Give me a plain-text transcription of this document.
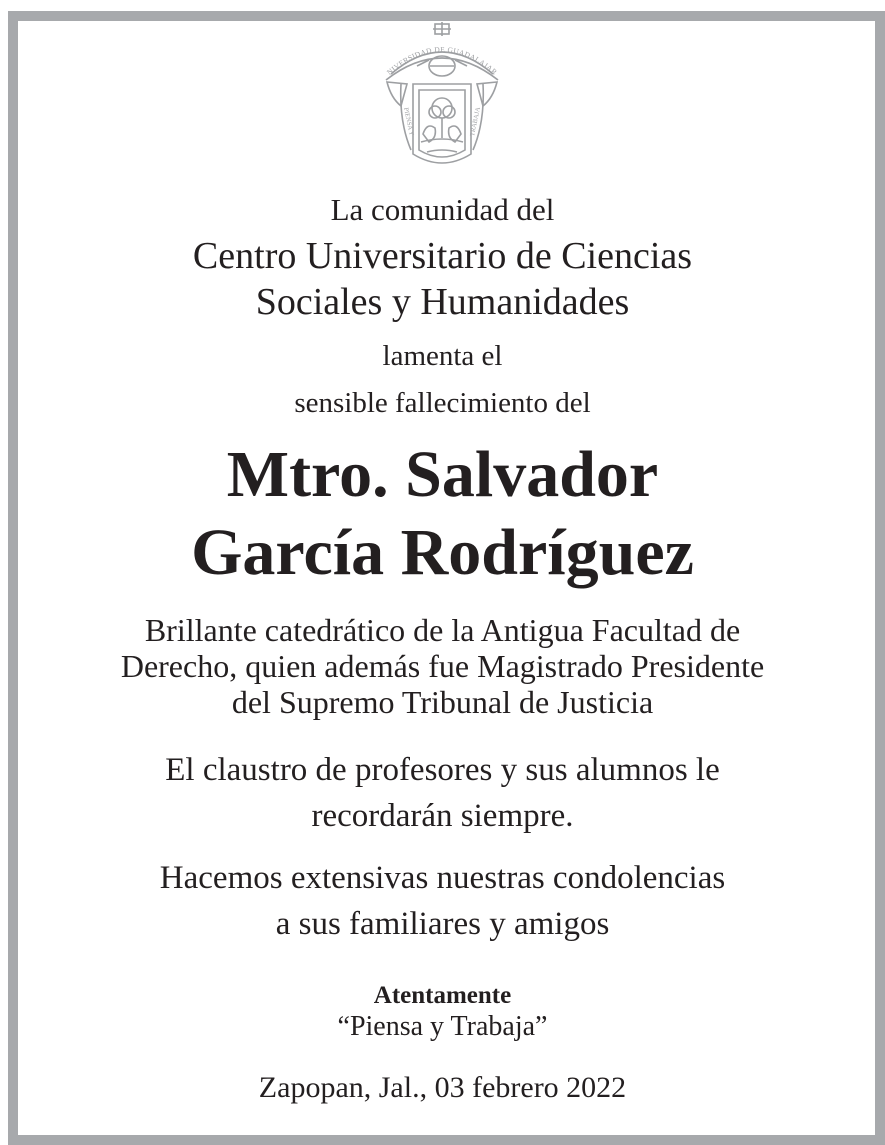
NIVERSIDAD DE GUADALAJAR
PIENSA Y	TRABAJA
La comunidad del
Centro Universitario de Ciencias
Sociales y Humanidades
lamenta el
sensible fallecimiento del
Mtro. Salvador
García Rodríguez
Brillante catedrático de la Antigua Facultad de
Derecho, quien además fue Magistrado Presidente
del Supremo Tribunal de Justicia
El claustro de profesores y sus alumnos le
recordarán siempre.
Hacemos extensivas nuestras condolencias
a sus familiares y amigos
Atentamente
“Piensa y Trabaja”
Zapopan, Jal., 03 febrero 2022
